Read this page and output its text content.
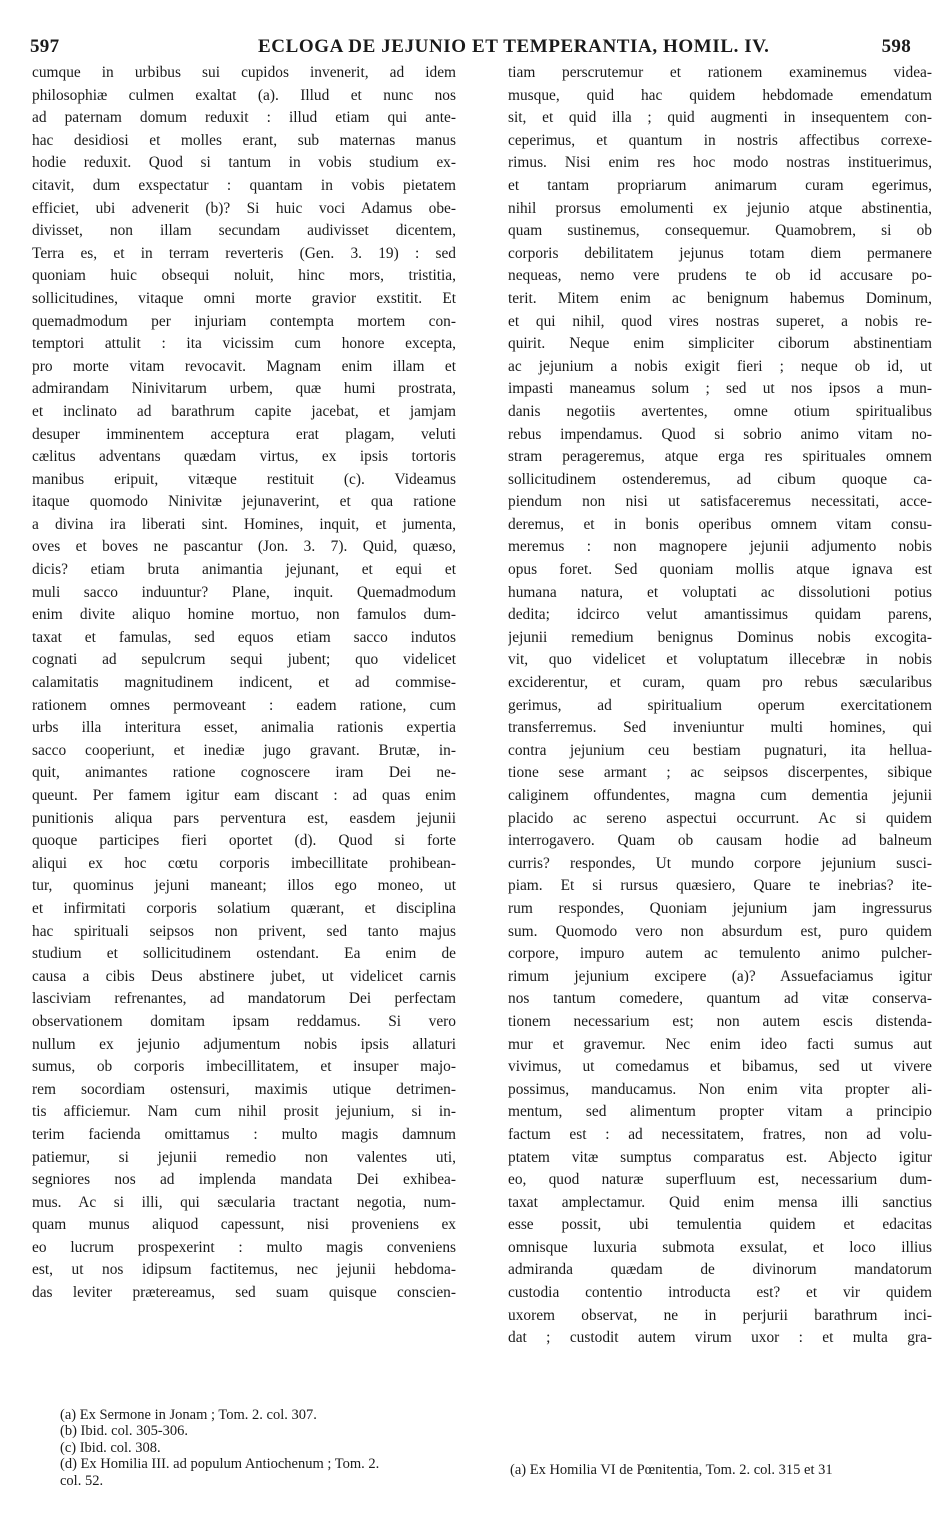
597	ECLOGA DE JEJUNIO ET TEMPERANTIA, HOMIL. IV.	598
cumque in urbibus sui cupidos invenerit, ad idem
philosophiæ culmen exaltat (a). Illud et nunc nos
ad paternam domum reduxit : illud etiam qui ante-
hac desidiosi et molles erant, sub maternas manus
hodie reduxit. Quod si tantum in vobis studium ex-
citavit, dum exspectatur : quantam in vobis pietatem
efficiet, ubi advenerit (b)? Si huic voci Adamus obe-
divisset, non illam secundam audivisset dicentem,
Terra es, et in terram reverteris (Gen. 3. 19) : sed
quoniam huic obsequi noluit, hinc mors, tristitia,
sollicitudines, vitaque omni morte gravior exstitit. Et
quemadmodum per injuriam contempta mortem con-
temptori attulit : ita vicissim cum honore excepta,
pro morte vitam revocavit. Magnam enim illam et
admirandam Ninivitarum urbem, quæ humi prostrata,
et inclinato ad barathrum capite jacebat, et jamjam
desuper imminentem acceptura erat plagam, veluti
cælitus adventans quædam virtus, ex ipsis tortoris
manibus eripuit, vitæque restituit (c). Videamus
itaque quomodo Ninivitæ jejunaverint, et qua ratione
a divina ira liberati sint. Homines, inquit, et jumenta,
oves et boves ne pascantur (Jon. 3. 7). Quid, quæso,
dicis? etiam bruta animantia jejunant, et equi et
muli sacco induuntur? Plane, inquit. Quemadmodum
enim divite aliquo homine mortuo, non famulos dum-
taxat et famulas, sed equos etiam sacco indutos
cognati ad sepulcrum sequi jubent; quo videlicet
calamitatis magnitudinem indicent, et ad commise-
rationem omnes permoveant : eadem ratione, cum
urbs illa interitura esset, animalia rationis expertia
sacco cooperiunt, et inediæ jugo gravant. Brutæ, in-
quit, animantes ratione cognoscere iram Dei ne-
queunt. Per famem igitur eam discant : ad quas enim
punitionis aliqua pars perventura est, easdem jejunii
quoque participes fieri oportet (d). Quod si forte
aliqui ex hoc cœtu corporis imbecillitate prohibean-
tur, quominus jejuni maneant; illos ego moneo, ut
et infirmitati corporis solatium quærant, et disciplina
hac spirituali seipsos non privent, sed tanto majus
studium et sollicitudinem ostendant. Ea enim de
causa a cibis Deus abstinere jubet, ut videlicet carnis
lasciviam refrenantes, ad mandatorum Dei perfectam
observationem domitam ipsam reddamus. Si vero
nullum ex jejunio adjumentum nobis ipsis allaturi
sumus, ob corporis imbecillitatem, et insuper majo-
rem socordiam ostensuri, maximis utique detrimen-
tis afficiemur. Nam cum nihil prosit jejunium, si in-
terim facienda omittamus : multo magis damnum
patiemur, si jejunii remedio non valentes uti,
segniores nos ad implenda mandata Dei exhibea-
mus. Ac si illi, qui sæcularia tractant negotia, num-
quam munus aliquod capessunt, nisi proveniens ex
eo lucrum prospexerint : multo magis conveniens
est, ut nos idipsum factitemus, nec jejunii hebdoma-
das leviter prætereamus, sed suam quisque conscien-
tiam perscrutemur et rationem examinemus videa-
musque, quid hac quidem hebdomade emendatum
sit, et quid illa ; quid augmenti in insequentem con-
ceperimus, et quantum in nostris affectibus correxe-
rimus. Nisi enim res hoc modo nostras instituerimus,
et tantam propriarum animarum curam egerimus,
nihil prorsus emolumenti ex jejunio atque abstinentia,
quam sustinemus, consequemur. Quamobrem, si ob
corporis debilitatem jejunus totam diem permanere
nequeas, nemo vere prudens te ob id accusare po-
terit. Mitem enim ac benignum habemus Dominum,
et qui nihil, quod vires nostras superet, a nobis re-
quirit. Neque enim simpliciter ciborum abstinentiam
ac jejunium a nobis exigit fieri ; neque ob id, ut
impasti maneamus solum ; sed ut nos ipsos a mun-
danis negotiis avertentes, omne otium spiritualibus
rebus impendamus. Quod si sobrio animo vitam no-
stram perageremus, atque erga res spirituales omnem
sollicitudinem ostenderemus, ad cibum quoque ca-
piendum non nisi ut satisfaceremus necessitati, acce-
deremus, et in bonis operibus omnem vitam consu-
meremus : non magnopere jejunii adjumento nobis
opus foret. Sed quoniam mollis atque ignava est
humana natura, et voluptati ac dissolutioni potius
dedita; idcirco velut amantissimus quidam parens,
jejunii remedium benignus Dominus nobis excogita-
vit, quo videlicet et voluptatum illecebræ in nobis
exciderentur, et curam, quam pro rebus sæcularibus
gerimus, ad spiritualium operum exercitationem
transferremus. Sed inveniuntur multi homines, qui
contra jejunium ceu bestiam pugnaturi, ita helluа-
tione sese armant ; ac seipsos discerpentes, sibique
caliginem offundentes, magna cum dementia jejunii
placido ac sereno aspectui occurrunt. Ac si quidem
interrogavero. Quam ob causam hodie ad balneum
curris? respondes, Ut mundo corpore jejunium susci-
piam. Et si rursus quæsiero, Quare te inebrias? ite-
rum respondes, Quoniam jejunium jam ingressurus
sum. Quomodo vero non absurdum est, puro quidem
corpore, impuro autem ac temulento animo pulcher-
rimum jejunium excipere (a)? Assuefaciamus igitur
nos tantum comedere, quantum ad vitæ conserva-
tionem necessarium est; non autem escis distenda-
mur et gravemur. Nec enim ideo facti sumus aut
vivimus, ut comedamus et bibamus, sed ut vivere
possimus, manducamus. Non enim vita propter ali-
mentum, sed alimentum propter vitam a principio
factum est : ad necessitatem, fratres, non ad volu-
ptatem vitæ sumptus comparatus est. Abjecto igitur
eo, quod naturæ superfluum est, necessarium dum-
taxat amplectamur. Quid enim mensa illi sanctius
esse possit, ubi temulentia quidem et edacitas
omnisque luxuria submota exsulat, et loco illius
admiranda quædam de divinorum mandatorum
custodia contentio introducta est? et vir quidem
uxorem observat, ne in perjurii barathrum inci-
dat ; custodit autem virum uxor : et multa gra-
(a) Ex Sermone in Jonam ; Tom. 2. col. 307.
(b) Ibid. col. 305-306.
(c) Ibid. col. 308.
(d) Ex Homilia III. ad populum Antiochenum ; Tom. 2.
col. 52.
(a) Ex Homilia VI de Pœnitentia, Tom. 2. col. 315 et 31
